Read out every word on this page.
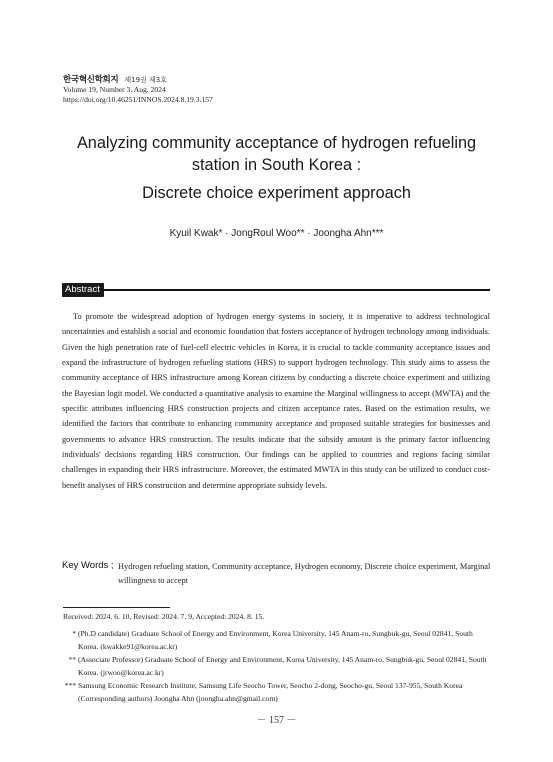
한국혁신학회지 제19권 제3호
Volume 19, Number 3, Aug. 2024
https://doi.org/10.46251/INNOS.2024.8.19.3.157
Analyzing community acceptance of hydrogen refueling
station in South Korea :
Discrete choice experiment approach
Kyuil Kwak* · JongRoul Woo** · Joongha Ahn***
Abstract

To promote the widespread adoption of hydrogen energy systems in society, it is imperative to address technological uncertainties and establish a social and economic foundation that fosters acceptance of hydrogen technology among individuals. Given the high penetration rate of fuel-cell electric vehicles in Korea, it is crucial to tackle community acceptance issues and expand the infrastructure of hydrogen refueling stations (HRS) to support hydrogen technology. This study aims to assess the community acceptance of HRS infrastructure among Korean citizens by conducting a discrete choice experiment and utilizing the Bayesian logit model. We conducted a quantitative analysis to examine the Marginal willingness to accept (MWTA) and the specific attributes influencing HRS construction projects and citizen acceptance rates. Based on the estimation results, we identified the factors that contribute to enhancing community acceptance and proposed suitable strategies for businesses and governments to advance HRS construction. The results indicate that the subsidy amount is the primary factor influencing individuals' decisions regarding HRS construction. Our findings can be applied to countries and regions facing similar challenges in expanding their HRS infrastructure. Moreover, the estimated MWTA in this study can be utilized to conduct cost-benefit analyses of HRS construction and determine appropriate subsidy levels.

Key Words ; Hydrogen refueling station, Community acceptance, Hydrogen economy, Discrete choice experiment, Marginal willingness to accept
Received: 2024. 6. 10, Revised: 2024. 7. 9, Accepted: 2024. 8. 15.
* (Ph.D candidate) Graduate School of Energy and Environment, Korea University, 145 Anam-ro, Sungbuk-gu, Seoul 02841, South Korea. (kwakke91@korea.ac.kr)
** (Associate Professor) Graduate School of Energy and Environment, Korea University, 145 Anam-ro, Sungbuk-gu, Seoul 02841, South Korea. (jrwoo@korea.ac.kr)
*** Samsung Economic Research Institute, Samsung Life Seocho Tower, Seocho 2-dong, Seocho-gu, Seoul 137-955, South Korea (Corresponding authors) Joongha Ahn (joongha.ahn@gmail.com)
－ 157 －
